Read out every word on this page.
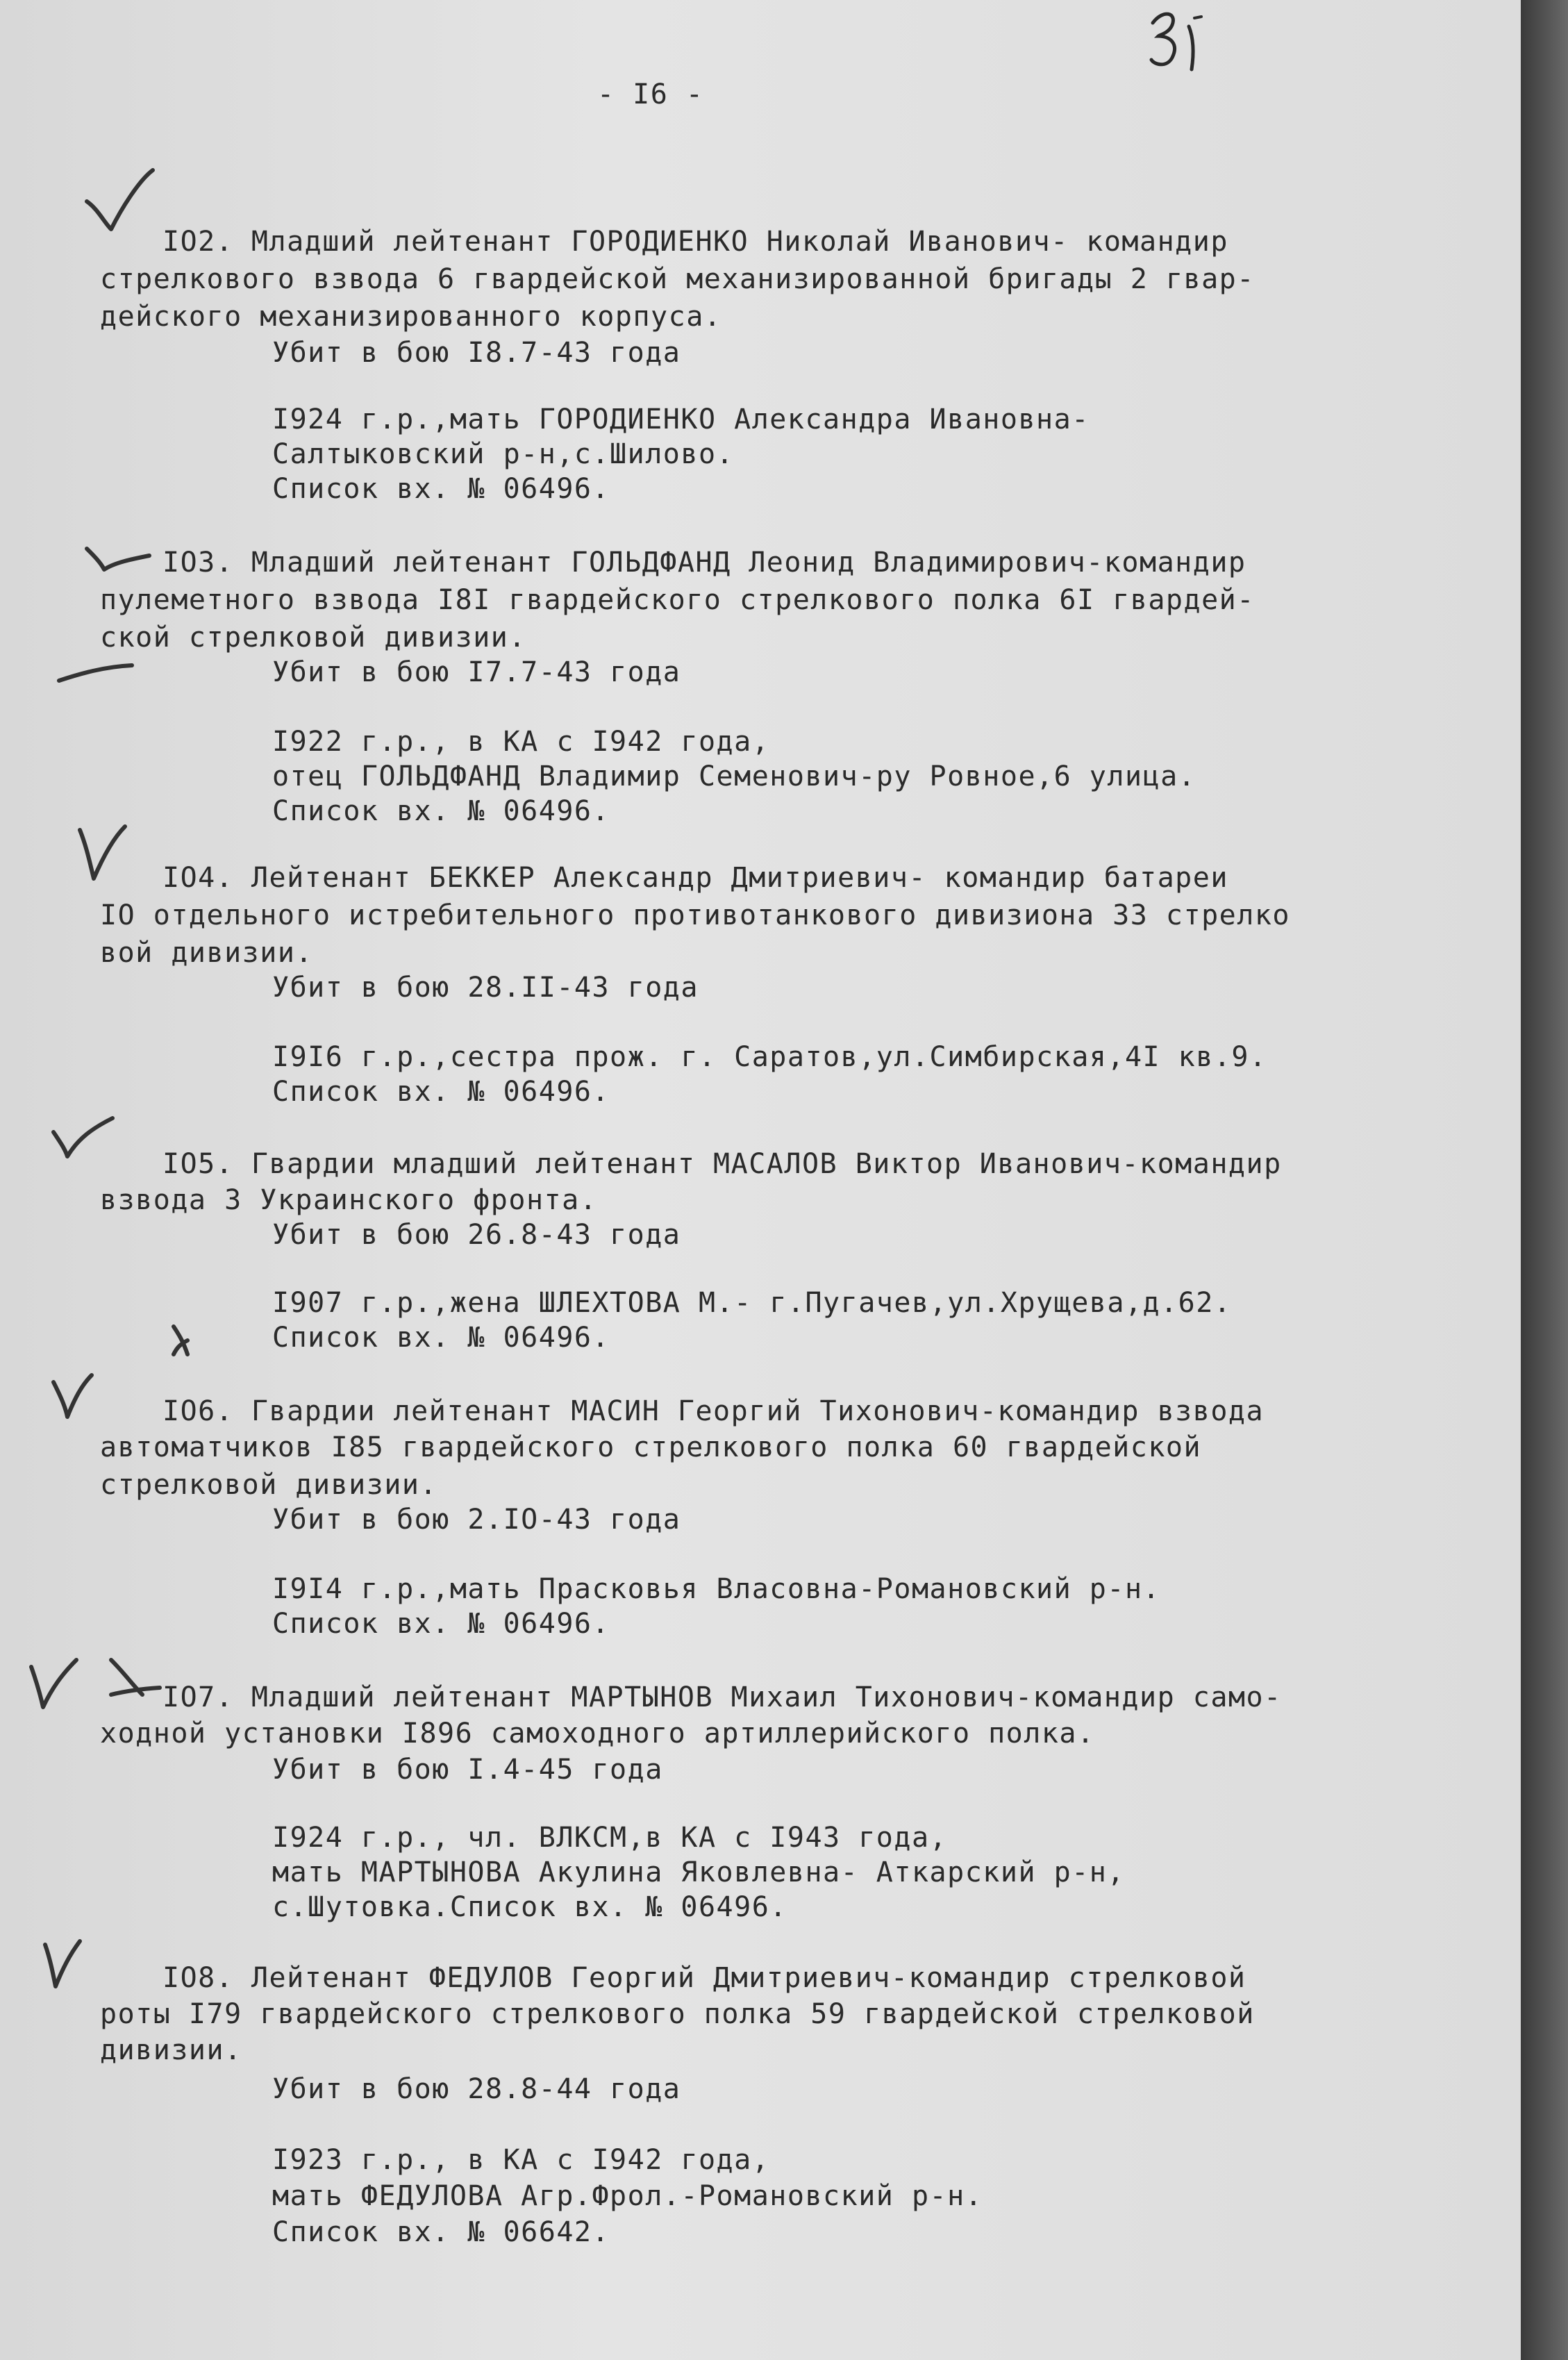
- I6 -

IO2. Младший лейтенант ГОРОДИЕНКО Николай Иванович- командир

стрелкового взвода 6 гвардейской механизированной бригады 2 гвар-

дейского механизированного корпуса.

Убит в бою I8.7-43 года

I924 г.р.,мать ГОРОДИЕНКО Александра Ивановна-

Салтыковский р-н,с.Шилово.

Список вх. № 06496.

IO3. Младший лейтенант ГОЛЬДФАНД Леонид Владимирович-командир

пулеметного взвода I8I гвардейского стрелкового полка 6I гвардей-

ской стрелковой дивизии.

Убит в бою I7.7-43 года

I922 г.р., в КА с I942 года,

отец ГОЛЬДФАНД Владимир Семенович-ру Ровное,6 улица.

Список вх. № 06496.

IO4. Лейтенант БЕККЕР Александр Дмитриевич- командир батареи

IO отдельного истребительного противотанкового дивизиона 33 стрелко

вой дивизии.

Убит в бою 28.II-43 года

I9I6 г.р.,сестра прож. г. Саратов,ул.Симбирская,4I кв.9.

Список вх. № 06496.

IO5. Гвардии младший лейтенант МАСАЛОВ Виктор Иванович-командир

взвода 3 Украинского фронта.

Убит в бою 26.8-43 года

I907 г.р.,жена ШЛЕХТОВА М.- г.Пугачев,ул.Хрущева,д.62.

Список вх. № 06496.

IO6. Гвардии лейтенант МАСИН Георгий Тихонович-командир взвода

автоматчиков I85 гвардейского стрелкового полка 60 гвардейской

стрелковой дивизии.

Убит в бою 2.IO-43 года

I9I4 г.р.,мать Прасковья Власовна-Романовский р-н.

Список вх. № 06496.

IO7. Младший лейтенант МАРТЫНОВ Михаил Тихонович-командир само-

ходной установки I896 самоходного артиллерийского полка.

Убит в бою I.4-45 года

I924 г.р., чл. ВЛКСМ,в КА с I943 года,

мать МАРТЫНОВА Акулина Яковлевна- Аткарский р-н,

с.Шутовка.Список вх. № 06496.

IO8. Лейтенант ФЕДУЛОВ Георгий Дмитриевич-командир стрелковой

роты I79 гвардейского стрелкового полка 59 гвардейской стрелковой

дивизии.

Убит в бою 28.8-44 года

I923 г.р., в КА с I942 года,

мать ФЕДУЛОВА Агр.Фрол.-Романовский р-н.

Список вх. № 06642.
